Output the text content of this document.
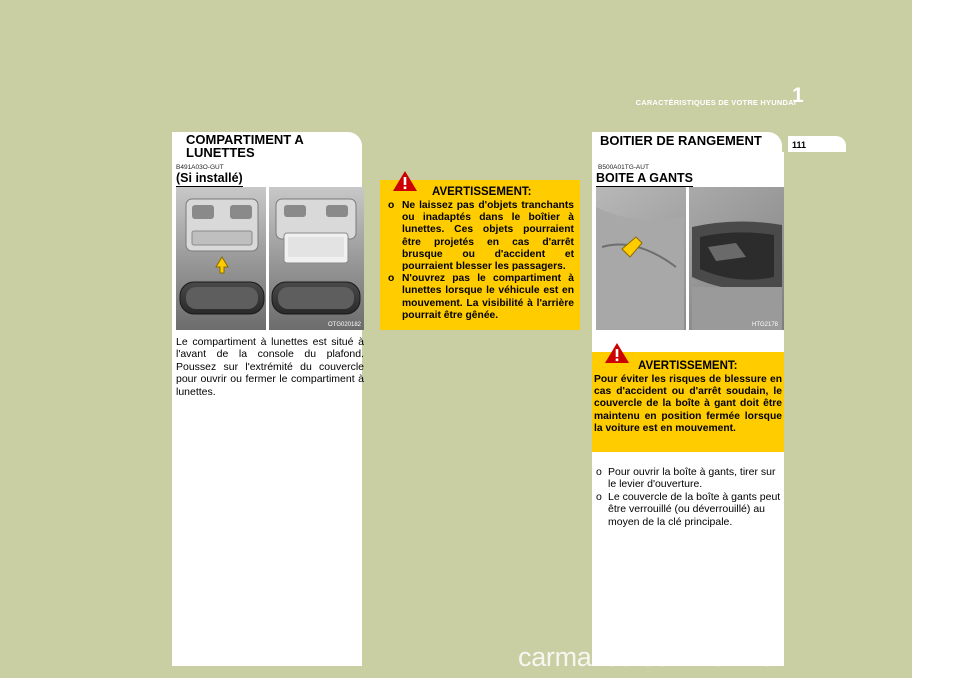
CARACTÉRISTIQUES DE VOTRE HYUNDAI
1
COMPARTIMENT A LUNETTES
B491A03O-GUT
(Si installé)
OTG020182
Le compartiment à lunettes est situé à l'avant de la console du plafond. Poussez sur l'extrémité du couvercle pour ouvrir ou fermer le compartiment à lunettes.
AVERTISSEMENT:
o Ne laissez pas d'objets tranchants ou inadaptés dans le boîtier à lunettes. Ces objets pourraient être projetés en cas d'arrêt brusque ou d'accident et pourraient blesser les passagers.
o N'ouvrez pas le compartiment à lunettes lorsque le véhicule est en mouvement. La visibilité à l'arrière pourrait être gênée.
BOITIER DE RANGEMENT	111
B500A01TG-AUT
BOITE A GANTS
HTG2178
AVERTISSEMENT:
Pour éviter les risques de blessure en cas d'accident ou d'arrêt soudain, le couvercle de la boîte à gant doit être maintenu en position fermée lorsque la voiture est en mouvement.
o Pour ouvrir la boîte à gants, tirer sur le levier d'ouverture.
o Le couvercle de la boîte à gants peut être verrouillé (ou déverrouillé) au moyen de la clé principale.
carmanualsonline.info
